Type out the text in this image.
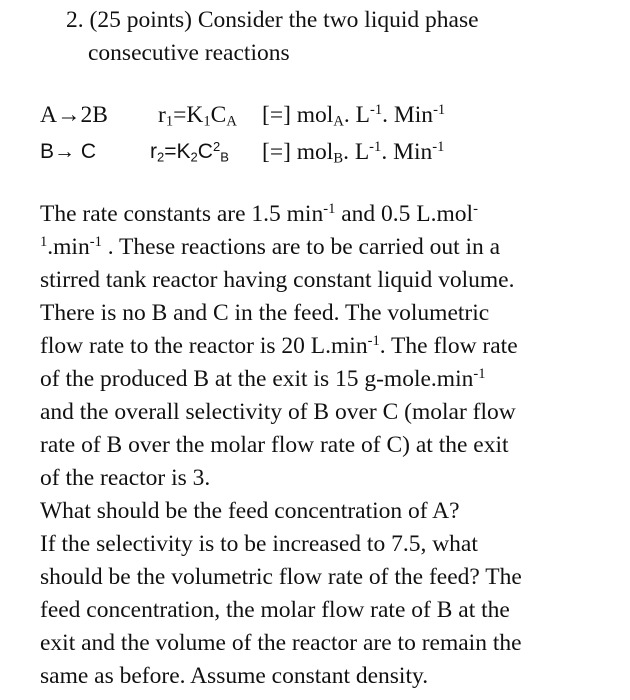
2. (25 points) Consider the two liquid phase
consecutive reactions
A→2B $r_1=K_1C_A$ [=] mol$_A$. $L^{-1}$. Min$^{-1}$
B→ C	$r_2=K_2C^2_B$ [=] mol$_B$. $L^{-1}$. Min$^{-1}$
The rate constants are 1.5 $\min^{-1}$ and 0.5 L.mol-
$^1.\min^{-1}$ . These reactions are to be carried out in a
stirred tank reactor having constant liquid volume.
There is no B and C in the feed. The volumetric
flow rate to the reactor is 20 $L.\min^{-1}$. The flow rate
of the produced B at the exit is 15 $g-mole.\min^{-1}$
and the overall selectivity of B over C (molar flow
rate of B over the molar flow rate of C) at the exit
of the reactor is 3.
What should be the feed concentration of A?
If the selectivity is to be increased to 7.5, what
should be the volumetric flow rate of the feed? The
feed concentration, the molar flow rate of B at the
exit and the volume of the reactor are to remain the
same as before. Assume constant density.
